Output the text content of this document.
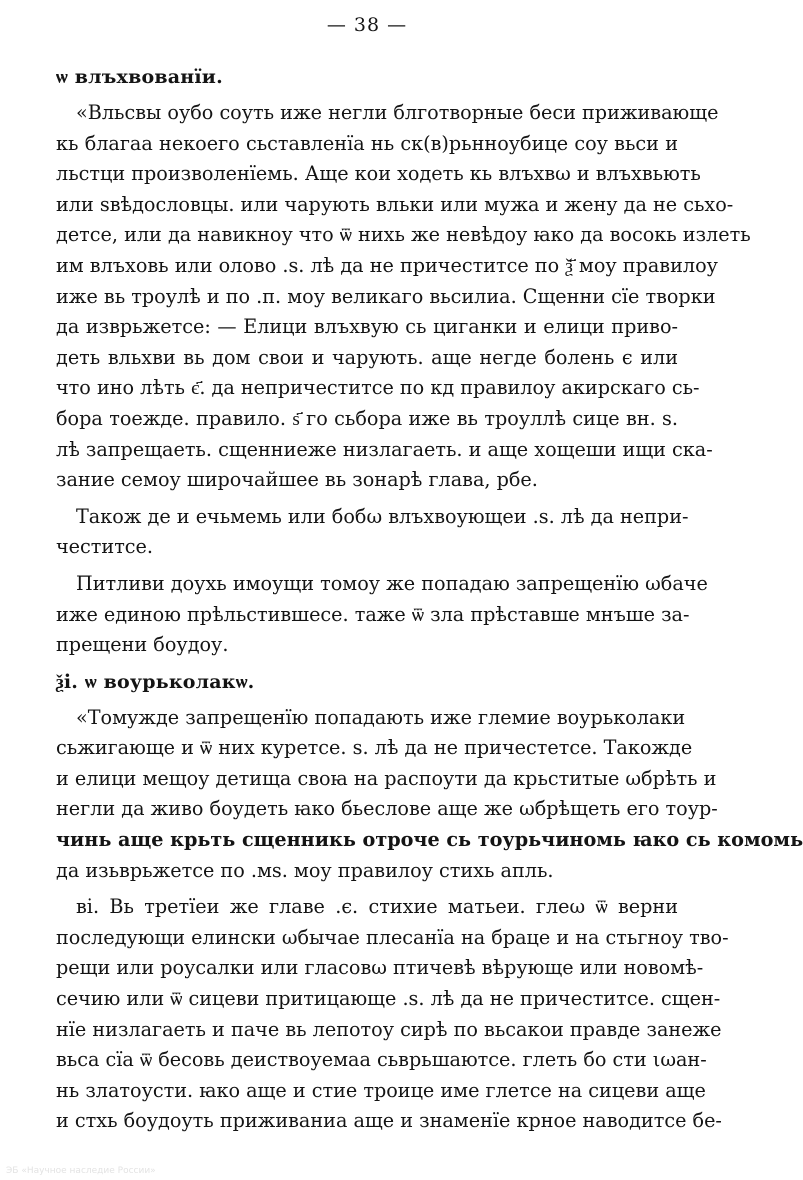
— 38 —
ѡ влъхвованїи.
«Вльсвы оубо соуть иже негли блготворные беси приживающе
кь благаа некоего сьставленїа нь ск(в)рьнноубице соу вьси и
льстци произволенїемь. Аще кои ходеть кь влъхвω и влъхвьють
или ѕвѣдословцы. или чарують вльки или мужа и жену да не сьхо-
детсе, или да навикноу что ѿ нихь же невѣдоу ꙗко да восокь излеть
им влъховь или олово .ѕ. лѣ да не причеститсе по ѯ҃ моу правилоу
иже вь троулѣ и по .п. моу великаго вьсилиа. Сщенни сїе творки
да изврьжетсе: — Елици влъхвую сь циганки и елици приво-
деть вльхви вь дом свои и чарують. аще негде болень є или
что ино лѣть є҃. да непричеститсе по кд правилоу акирскаго сь-
бора тоежде. правило. ѕ҃ го сьбора иже вь троуллѣ сице вн. ѕ.
лѣ запрещаеть. сщенниеже низлагаеть. и аще хощеши ищи ска-
зание семоу широчайшее вь зонарѣ глава, рбе.
Також де и ечьмемь или бобω влъхвоующеи .ѕ. лѣ да непри-
честитсе.
Питливи доухь имоущи томоу же попадаю запрещенїю ωбаче
иже единою прѣльстившесе. таже ѿ зла прѣставше мнъше за-
прещени боудоу.
ѯі. ѡ воурьколакѡ.
«Томужде запрещенїю попадають иже глемие воурьколаки
сьжигающе и ѿ них куретсе. ѕ. лѣ да не причестетсе. Такожде
и елици мещоу детища своꙗ на распоути да крьститые ωбрѣть и
негли да живо боудеть ꙗко бьеслове аще же ωбрѣщеть его тоур-
чинь аще крьть сщенникь отроче сь тоурьчиномь ꙗко сь комомь
да изьврьжетсе по .мѕ. моу правилоу стихь апль.
ві. Вь третїеи же главе .є. стихие матьеи. глеω ѿ верни
последующи елински ωбычае плесанїа на браце и на стьгноу тво-
рещи или роусалки или гласовω птичевѣ вѣрующе или новомѣ-
сечию или ѿ сицеви притицающе .ѕ. лѣ да не причеститсе. сщен-
нїе низлагаеть и паче вь лепотоу сирѣ по вьсакои правде занеже
вьса сїа ѿ бесовь деиствоуемаа сьврьшаютсе. глеть бо сти ιωан-
нь златоусти. ꙗко аще и стие троице име глетсе на сицеви аще
и стхь боудоуть приживаниа аще и знаменїе крное наводитсе бе-
ЭБ «Научное наследие России»
